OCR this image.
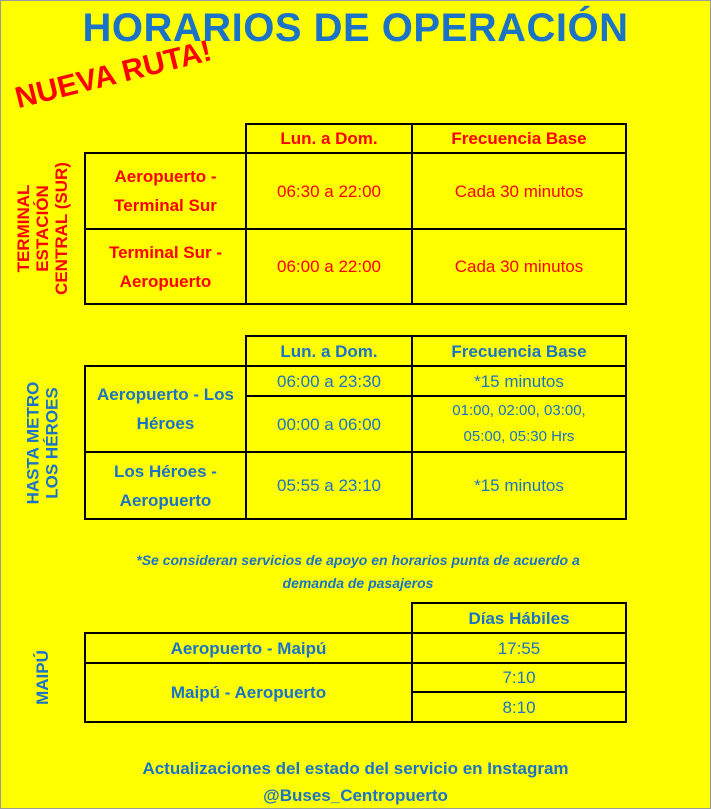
HORARIOS DE OPERACIÓN
NUEVA RUTA!
TERMINAL ESTACIÓN CENTRAL (SUR)
Lun. a Dom.	Frecuencia Base
Aeropuerto -
Terminal Sur
06:30 a 22:00	Cada 30 minutos
Terminal Sur -
Aeropuerto
06:00 a 22:00	Cada 30 minutos
HASTA METRO LOS HÉROES
Lun. a Dom.	Frecuencia Base
Aeropuerto - Los
Héroes
06:00 a 23:30	*15 minutos
00:00 a 06:00
01:00, 02:00, 03:00,
05:00, 05:30 Hrs
Los Héroes -
Aeropuerto
05:55 a 23:10	*15 minutos
*Se consideran servicios de apoyo en horarios punta de acuerdo a
demanda de pasajeros
MAIPÚ
Días Hábiles
Aeropuerto - Maipú	17:55
Maipú - Aeropuerto
7:10
8:10
Actualizaciones del estado del servicio en Instagram
@Buses_Centropuerto
